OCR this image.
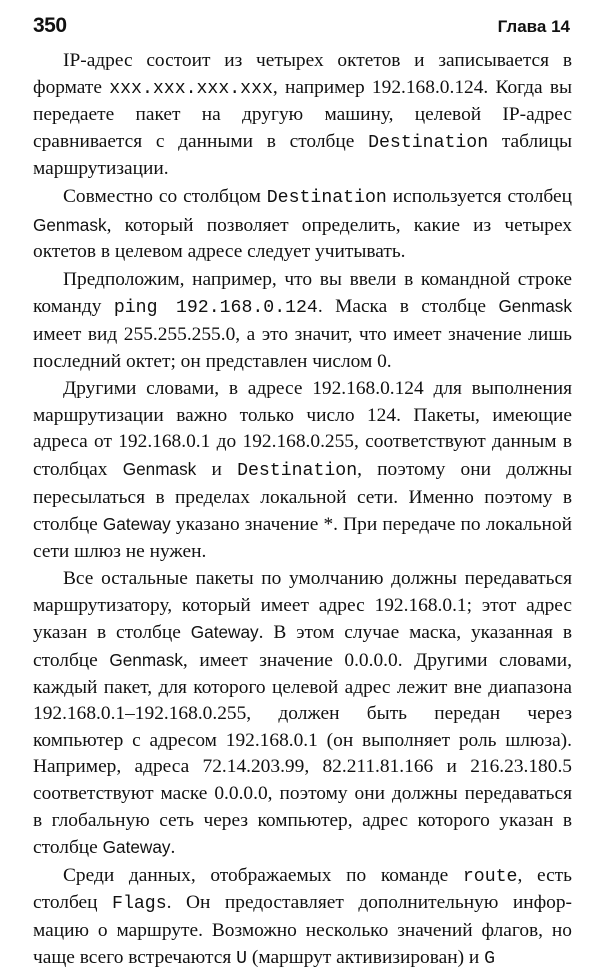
350	Глава 14

IP-адрес состоит из четырех октетов и записывается в формате xxx.xxx.xxx.xxx, например 192.168.0.124. Когда вы передаете пакет на другую машину, целевой IP-адрес сравнивается с данными в столбце Destination таблицы маршрутизации.

Совместно со столбцом Destination используется столбец Genmask, который позволяет определить, какие из четырех октетов в целевом адресе следует учитывать.

Предположим, например, что вы ввели в командной строке команду ping 192.168.0.124. Маска в столбце Genmask имеет вид 255.255.255.0, а это значит, что имеет значение лишь последний октет; он представлен числом 0.

Другими словами, в адресе 192.168.0.124 для выполнения маршрутизации важно только число 124. Пакеты, имеющие адреса от 192.168.0.1 до 192.168.0.255, соответствуют данным в столбцах Genmask и Destination, поэтому они должны пересылаться в пределах локальной сети. Именно поэтому в столбце Gateway указано значение *. При передаче по локальной сети шлюз не нужен.

Все остальные пакеты по умолчанию должны передаваться маршрутизатору, который имеет адрес 192.168.0.1; этот адрес указан в столбце Gateway. В этом случае маска, указанная в столбце Genmask, имеет значение 0.0.0.0. Другими словами, каждый пакет, для которого целевой адрес лежит вне диапазона 192.168.0.1–192.168.0.255, должен быть передан через компьютер с адресом 192.168.0.1 (он выполняет роль шлюза). Например, адреса 72.14.203.99, 82.211.81.166 и 216.23.180.5 соответствуют маске 0.0.0.0, поэтому они должны передаваться в глобальную сеть через компьютер, адрес которого указан в столбце Gateway.

Среди данных, отображаемых по команде route, есть столбец Flags. Он предоставляет дополнительную информацию о маршруте. Возможно несколько значений флагов, но чаще всего встречаются U (маршрут активизирован) и G
